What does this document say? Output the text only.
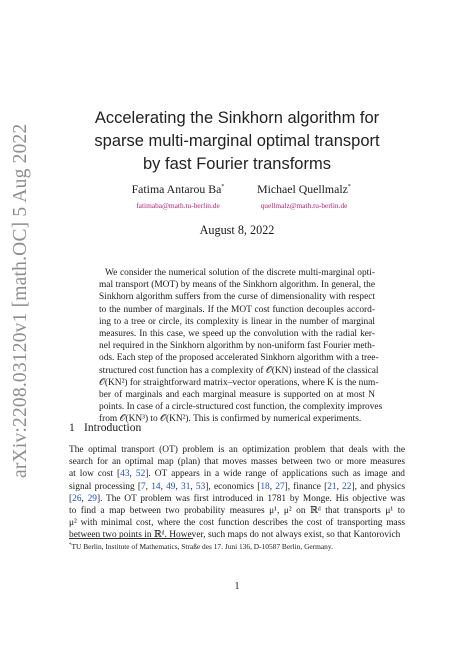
arXiv:2208.03120v1 [math.OC] 5 Aug 2022
Accelerating the Sinkhorn algorithm for
sparse multi-marginal optimal transport
by fast Fourier transforms
Fatima Antarou Ba*
fatimaba@math.tu-berlin.de
Michael Quellmalz*
quellmalz@math.tu-berlin.de
August 8, 2022
We consider the numerical solution of the discrete multi-marginal opti-
mal transport (MOT) by means of the Sinkhorn algorithm. In general, the
Sinkhorn algorithm suffers from the curse of dimensionality with respect
to the number of marginals. If the MOT cost function decouples accord-
ing to a tree or circle, its complexity is linear in the number of marginal
measures. In this case, we speed up the convolution with the radial ker-
nel required in the Sinkhorn algorithm by non-uniform fast Fourier meth-
ods. Each step of the proposed accelerated Sinkhorn algorithm with a tree-
structured cost function has a complexity of 𝒪(KN) instead of the classical
𝒪(KN²) for straightforward matrix–vector operations, where K is the num-
ber of marginals and each marginal measure is supported on at most N
points. In case of a circle-structured cost function, the complexity improves
from 𝒪(KN³) to 𝒪(KN²). This is confirmed by numerical experiments.
1 Introduction
The optimal transport (OT) problem is an optimization problem that deals with the
search for an optimal map (plan) that moves masses between two or more measures
at low cost [43, 52]. OT appears in a wide range of applications such as image and
signal processing [7, 14, 49, 31, 53], economics [18, 27], finance [21, 22], and physics
[26, 29]. The OT problem was first introduced in 1781 by Monge. His objective was
to find a map between two probability measures μ¹, μ² on ℝᵈ that transports μ¹ to
μ² with minimal cost, where the cost function describes the cost of transporting mass
between two points in ℝᵈ. However, such maps do not always exist, so that Kantorovich
*TU Berlin, Institute of Mathematics, Straße des 17. Juni 136, D-10587 Berlin, Germany.
1
